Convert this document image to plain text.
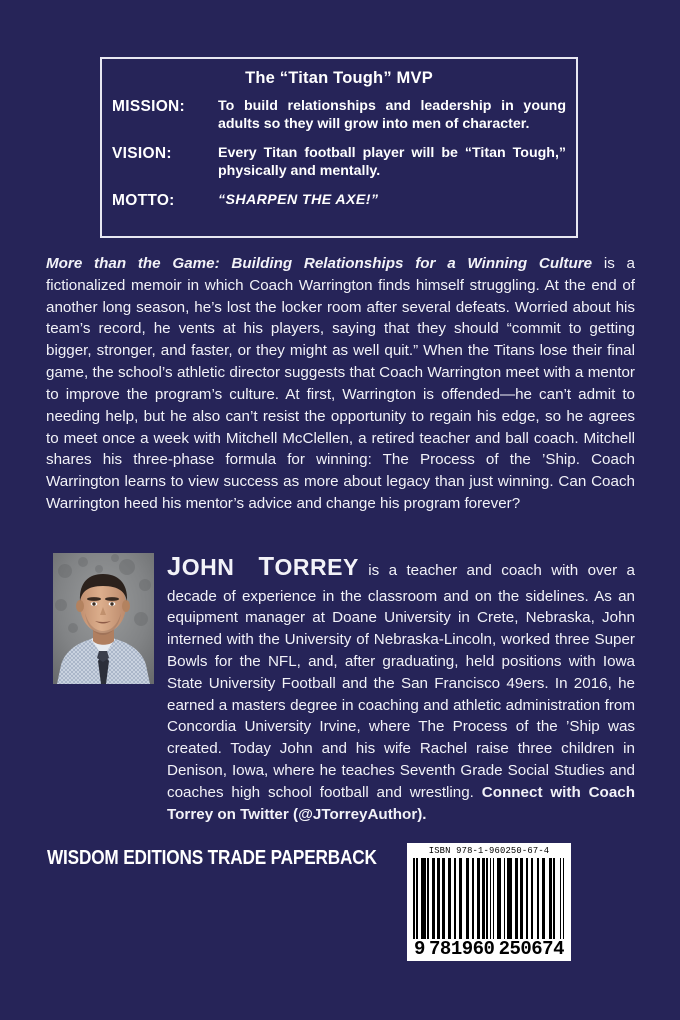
The “Titan Tough” MVP
MISSION:	To build relationships and leadership in young adults so they will grow into men of character.
VISION:	Every Titan football player will be “Titan Tough,” physically and mentally.
MOTTO:	“SHARPEN THE AXE!”
More than the Game: Building Relationships for a Winning Culture is a fictionalized memoir in which Coach Warrington finds himself struggling. At the end of another long season, he’s lost the locker room after several defeats. Worried about his team’s record, he vents at his players, saying that they should “commit to getting bigger, stronger, and faster, or they might as well quit.” When the Titans lose their final game, the school’s athletic director suggests that Coach Warrington meet with a mentor to improve the program’s culture. At first, Warrington is offended—he can’t admit to needing help, but he also can’t resist the opportunity to regain his edge, so he agrees to meet once a week with Mitchell McClellen, a retired teacher and ball coach. Mitchell shares his three-phase formula for winning: The Process of the ’Ship. Coach Warrington learns to view success as more about legacy than just winning. Can Coach Warrington heed his mentor’s advice and change his program forever?
JOHN TORREY is a teacher and coach with over a decade of experience in the classroom and on the sidelines. As an equipment manager at Doane University in Crete, Nebraska, John interned with the University of Nebraska-Lincoln, worked three Super Bowls for the NFL, and, after graduating, held positions with Iowa State University Football and the San Francisco 49ers. In 2016, he earned a masters degree in coaching and athletic administration from Concordia University Irvine, where The Process of the ’Ship was created. Today John and his wife Rachel raise three children in Denison, Iowa, where he teaches Seventh Grade Social Studies and coaches high school football and wrestling. Connect with Coach Torrey on Twitter (@JTorreyAuthor).
WISDOM EDITIONS TRADE PAPERBACK	ISBN 978-1-960250-67-4
9 781960 250674
